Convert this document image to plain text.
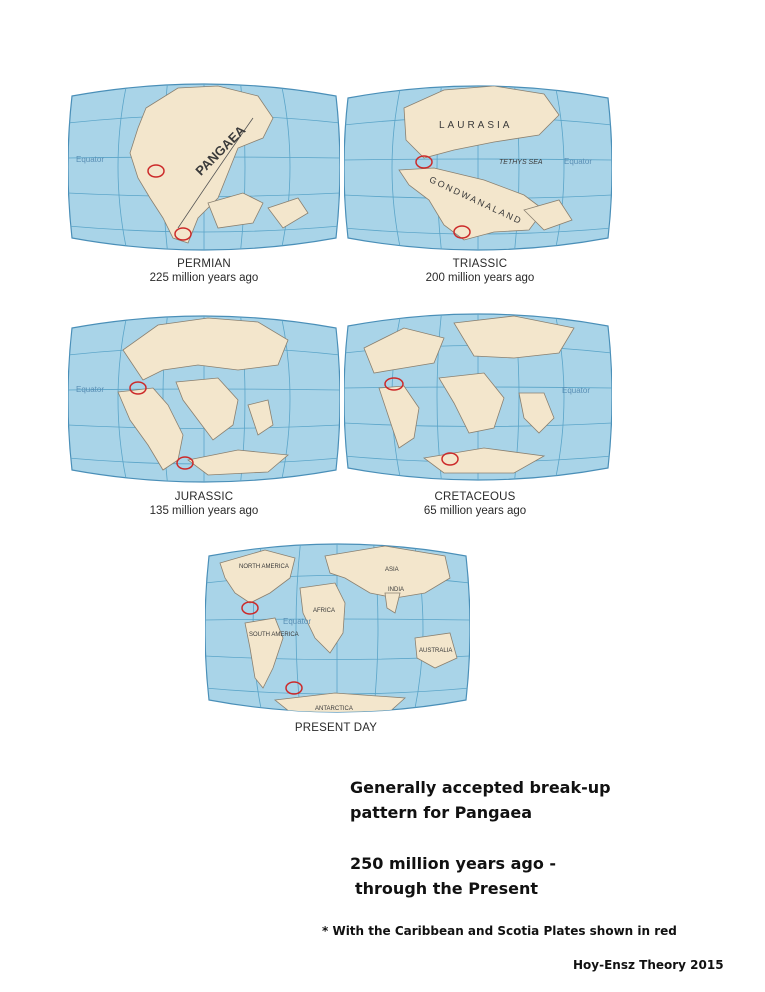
Equator	PANGAEA
PERMIAN
225 million years ago
Equator
LAURASIA
TETHYS SEA
GONDWANALAND
TRIASSIC
200 million years ago
Equator
JURASSIC
135 million years ago
Equator
CRETACEOUS
65 million years ago
Equator
NORTH AMERICA	ASIA
INDIA
AFRICA
SOUTH AMERICA
AUSTRALIA
ANTARCTICA
PRESENT DAY
Generally accepted break-up
pattern for Pangaea
250 million years ago -
through the Present
* With the Caribbean and Scotia Plates shown in red
Hoy-Ensz Theory 2015
